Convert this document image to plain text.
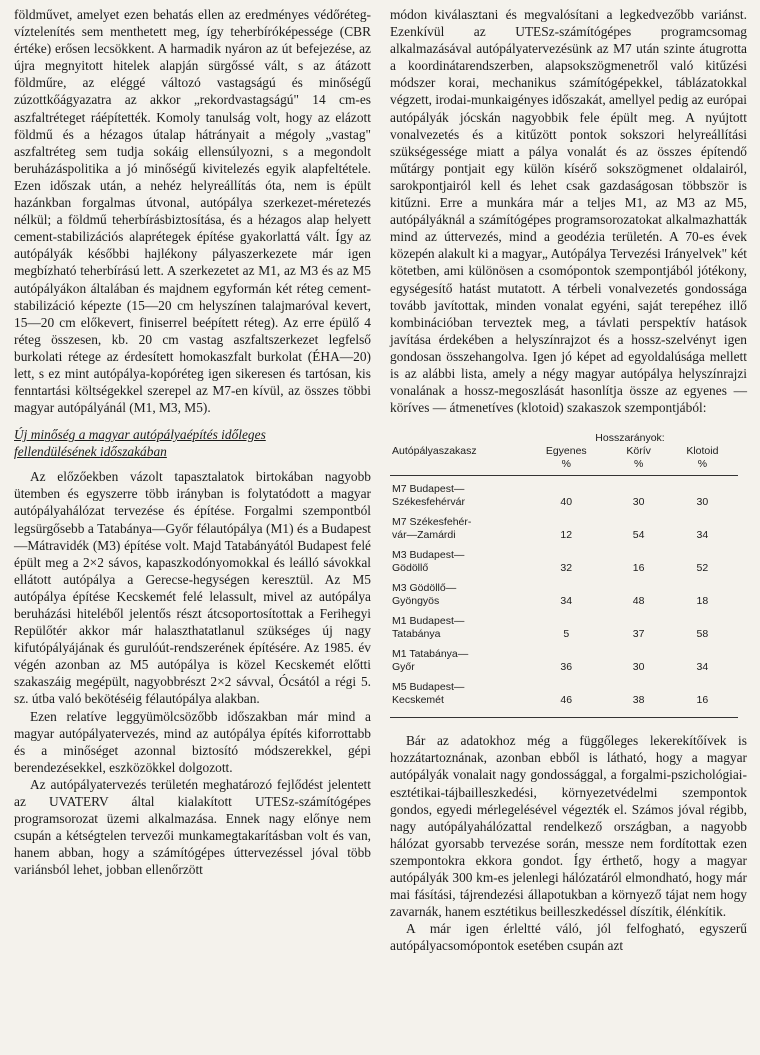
földművet, amelyet ezen behatás ellen az eredményes védőréteg-víztelenítés sem menthetett meg, így teherbíróképessége (CBR értéke) erősen lecsökkent. A harmadik nyáron az út befejezése, az újra megnyitott hitelek alapján sürgőssé vált, s az átázott földműre, az eléggé változó vastagságú és minőségű zúzottkőágyazatra az akkor „rekordvastagságú" 14 cm-es aszfaltréteget ráépítették. Komoly tanulság volt, hogy az elázott földmű és a hézagos útalap hátrányait a mégoly „vastag" aszfaltréteg sem tudja sokáig ellensúlyozni, s a megondolt beruházáspolitika a jó minőségű kivitelezés egyik alapfeltétele. Ezen időszak után, a nehéz helyreállítás óta, nem is épült hazánkban forgalmas útvonal, autópálya szerkezet-méretezés nélkül; a földmű teherbírásbiztosítása, és a hézagos alap helyett cement-stabilizációs alaprétegek építése gyakorlattá vált. Így az autópályák későbbi hajlékony pályaszerkezete már igen megbízható teherbírású lett. A szerkezetet az M1, az M3 és az M5 autópályákon általában és majdnem egyformán két réteg cement-stabilizáció képezte (15—20 cm helyszínen talajmaróval kevert, 15—20 cm előkevert, finiserrel beépített réteg). Az erre épülő 4 réteg összesen, kb. 20 cm vastag aszfaltszerkezet legfelső burkolati rétege az érdesített homokaszfalt burkolat (ÉHA—20) lett, s ez mint autópálya-kopóréteg igen sikeresen és tartósan, kis fenntartási költségekkel szerepel az M7-en kívül, az összes többi magyar autópályánál (M1, M3, M5).

Új minőség a magyar autópályaépítés időleges
fellendülésének időszakában

Az előzőekben vázolt tapasztalatok birtokában nagyobb ütemben és egyszerre több irányban is folytatódott a magyar autópályahálózat tervezése és építése. Forgalmi szempontból legsürgősebb a Tatabánya—Győr félautópálya (M1) és a Budapest—Mátravidék (M3) építése volt. Majd Tatabányától Budapest felé épült meg a 2×2 sávos, kapaszkodónyomokkal és leálló sávokkal ellátott autópálya a Gerecse-hegységen keresztül. Az M5 autópálya építése Kecskemét felé lelassult, mivel az autópálya beruházási hiteléből jelentős részt átcsoportosítottak a Ferihegyi Repülőtér akkor már halaszthatatlanul szükséges új nagy kifutópályájának és gurulóút-rendszerének építésére. Az 1985. év végén azonban az M5 autópálya is közel Kecskemét előtti szakaszáig megépült, nagyobbrészt 2×2 sávval, Ócsától a régi 5. sz. útba való bekötéséig félautópálya alakban.

Ezen relatíve leggyümölcsözőbb időszakban már mind a magyar autópályatervezés, mind az autópálya építés kiforrottabb és a minőséget azonnal biztosító módszerekkel, gépi berendezésekkel, eszközökkel dolgozott.

Az autópályatervezés területén meghatározó fejlődést jelentett az UVATERV által kialakított UTESz-számítógépes programsorozat üzemi alkalmazása. Ennek nagy előnye nem csupán a kétségtelen tervezői munkamegtakarításban volt és van, hanem abban, hogy a számítógépes úttervezéssel jóval több variánsból lehet, jobban ellenőrzött

módon kiválasztani és megvalósítani a legkedvezőbb variánst. Ezenkívül az UTESz-számítógépes programcsomag alkalmazásával autópályatervezésünk az M7 után szinte átugrotta a koordinátarendszerben, alapsokszögmenetről való kitűzési módszer korai, mechanikus számítógépekkel, táblázatokkal végzett, irodai-munkaigényes időszakát, amellyel pedig az európai autópályák jócskán nagyobbik fele épült meg. A nyújtott vonalvezetés és a kitűzött pontok sokszori helyreállítási szükségessége miatt a pálya vonalát és az összes építendő műtárgy pontjait egy külön kísérő sokszögmenet oldalairól, sarokpontjairól kell és lehet csak gazdaságosan többször is kitűzni. Erre a munkára már a teljes M1, az M3 az M5, autópályáknál a számítógépes programsorozatokat alkalmazhatták mind az úttervezés, mind a geodézia területén. A 70-es évek közepén alakult ki a magyar„ Autópálya Tervezési Irányelvek" két kötetben, ami különösen a csomópontok szempontjából jótékony, egységesítő hatást mutatott. A térbeli vonalvezetés gondossága tovább javítottak, minden vonalat egyéni, saját terepéhez illő kombinációban terveztek meg, a távlati perspektív hatások javítása érdekében a helyszínrajzot és a hossz-szelvényt igen gondosan összehangolva. Igen jó képet ad egyoldalúsága mellett is az alábbi lista, amely a négy magyar autópálya helyszínrajzi vonalának a hossz-megoszlását hasonlítja össze az egyenes — köríves — átmenetíves (klotoid) szakaszok szempontjából:

	Hosszarányok:		
Autópályaszakasz	Egyenes	Körív	Klotoid
	%	%	%

M7 Budapest—
Székesfehérvár	40	30	30
M7 Székesfehér-
vár—Zamárdi	12	54	34
M3 Budapest—
Gödöllő	32	16	52
M3 Gödöllő—
Gyöngyös	34	48	18
M1 Budapest—
Tatabánya	5	37	58
M1 Tatabánya—
Győr	36	30	34
M5 Budapest—
Kecskemét	46	38	16

Bár az adatokhoz még a függőleges lekerekítőívek is hozzátartoznának, azonban ebből is látható, hogy a magyar autópályák vonalait nagy gondossággal, a forgalmi-pszichológiai-esztétikai-tájbailleszkedési, környezetvédelmi szempontok gondos, egyedi mérlegelésével végezték el. Számos jóval régibb, nagy autópályahálózattal rendelkező országban, a nagyobb hálózat gyorsabb tervezése során, messze nem fordítottak ezen szempontokra ekkora gondot. Így érthető, hogy a magyar autópályák 300 km-es jelenlegi hálózatáról elmondható, hogy már mai fásítási, tájrendezési állapotukban a környező tájat nem hogy zavarnák, hanem esztétikus beilleszkedéssel díszítik, élénkítik.

A már igen érleltté váló, jól felfogható, egyszerű autópályacsomópontok esetében csupán azt
